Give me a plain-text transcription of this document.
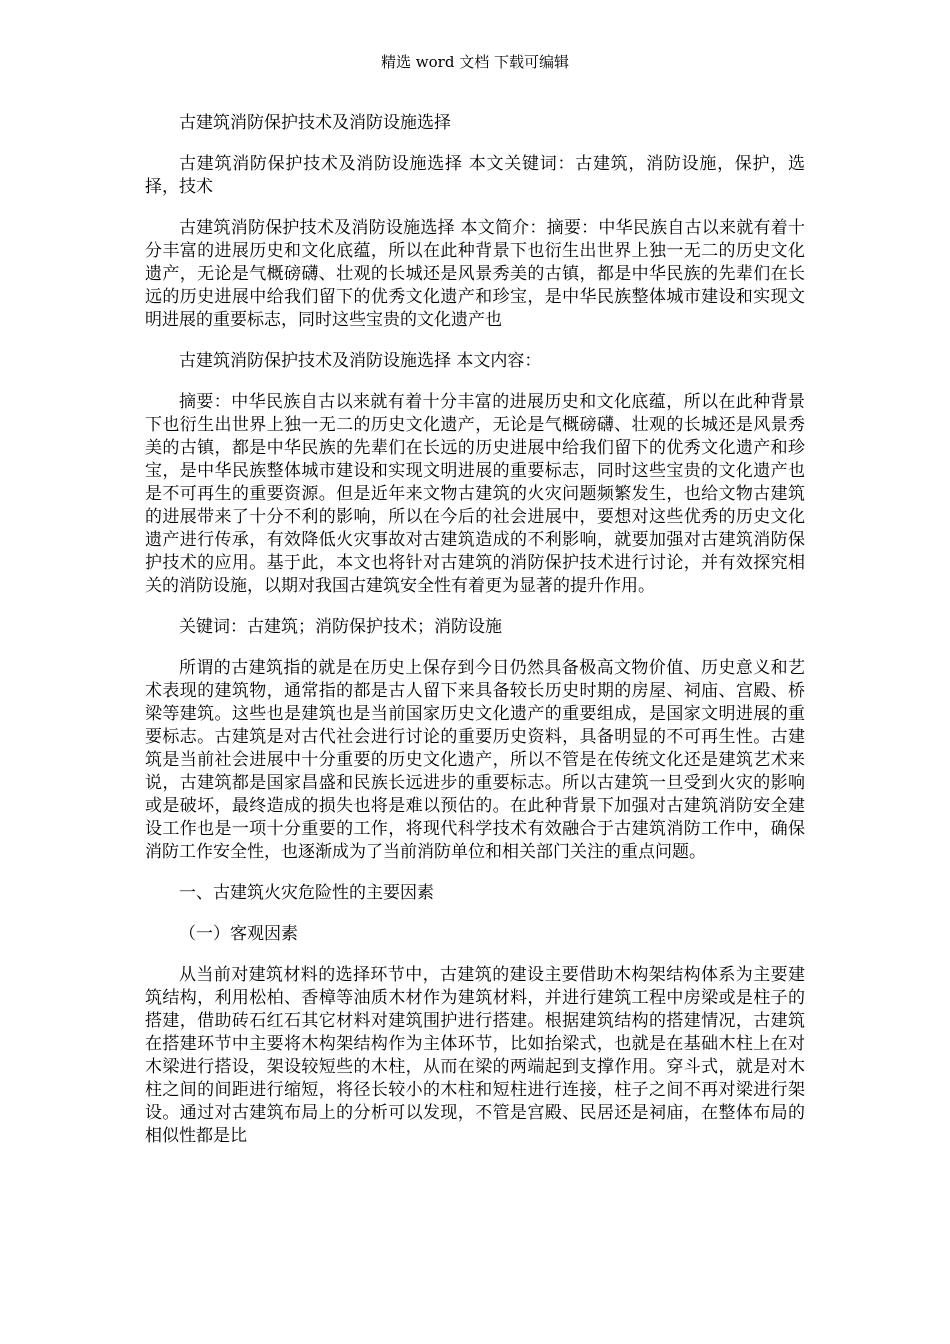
精选 word 文档 下载可编辑

古建筑消防保护技术及消防设施选择

古建筑消防保护技术及消防设施选择 本文关键词：古建筑，消防设施，保护，选择，技术

古建筑消防保护技术及消防设施选择 本文简介：摘要：中华民族自古以来就有着十分丰富的进展历史和文化底蕴，所以在此种背景下也衍生出世界上独一无二的历史文化遗产，无论是气概磅礴、壮观的长城还是风景秀美的古镇，都是中华民族的先辈们在长远的历史进展中给我们留下的优秀文化遗产和珍宝，是中华民族整体城市建设和实现文明进展的重要标志，同时这些宝贵的文化遗产也

古建筑消防保护技术及消防设施选择 本文内容：

摘要：中华民族自古以来就有着十分丰富的进展历史和文化底蕴，所以在此种背景下也衍生出世界上独一无二的历史文化遗产，无论是气概磅礴、壮观的长城还是风景秀美的古镇，都是中华民族的先辈们在长远的历史进展中给我们留下的优秀文化遗产和珍宝，是中华民族整体城市建设和实现文明进展的重要标志，同时这些宝贵的文化遗产也是不可再生的重要资源。但是近年来文物古建筑的火灾问题频繁发生，也给文物古建筑的进展带来了十分不利的影响，所以在今后的社会进展中，要想对这些优秀的历史文化遗产进行传承，有效降低火灾事故对古建筑造成的不利影响，就要加强对古建筑消防保护技术的应用。基于此，本文也将针对古建筑的消防保护技术进行讨论，并有效探究相关的消防设施，以期对我国古建筑安全性有着更为显著的提升作用。

关键词：古建筑；消防保护技术；消防设施

所谓的古建筑指的就是在历史上保存到今日仍然具备极高文物价值、历史意义和艺术表现的建筑物，通常指的都是古人留下来具备较长历史时期的房屋、祠庙、宫殿、桥梁等建筑。这些也是建筑也是当前国家历史文化遗产的重要组成，是国家文明进展的重要标志。古建筑是对古代社会进行讨论的重要历史资料，具备明显的不可再生性。古建筑是当前社会进展中十分重要的历史文化遗产，所以不管是在传统文化还是建筑艺术来说，古建筑都是国家昌盛和民族长远进步的重要标志。所以古建筑一旦受到火灾的影响或是破坏，最终造成的损失也将是难以预估的。在此种背景下加强对古建筑消防安全建设工作也是一项十分重要的工作，将现代科学技术有效融合于古建筑消防工作中，确保消防工作安全性，也逐渐成为了当前消防单位和相关部门关注的重点问题。

一、古建筑火灾危险性的主要因素

（一）客观因素

从当前对建筑材料的选择环节中，古建筑的建设主要借助木构架结构体系为主要建筑结构，利用松柏、香樟等油质木材作为建筑材料，并进行建筑工程中房梁或是柱子的搭建，借助砖石红石其它材料对建筑围护进行搭建。根据建筑结构的搭建情况，古建筑在搭建环节中主要将木构架结构作为主体环节，比如抬梁式，也就是在基础木柱上在对木梁进行搭设，架设较短些的木柱，从而在梁的两端起到支撑作用。穿斗式，就是对木柱之间的间距进行缩短，将径长较小的木柱和短柱进行连接，柱子之间不再对梁进行架设。通过对古建筑布局上的分析可以发现，不管是宫殿、民居还是祠庙，在整体布局的相似性都是比
